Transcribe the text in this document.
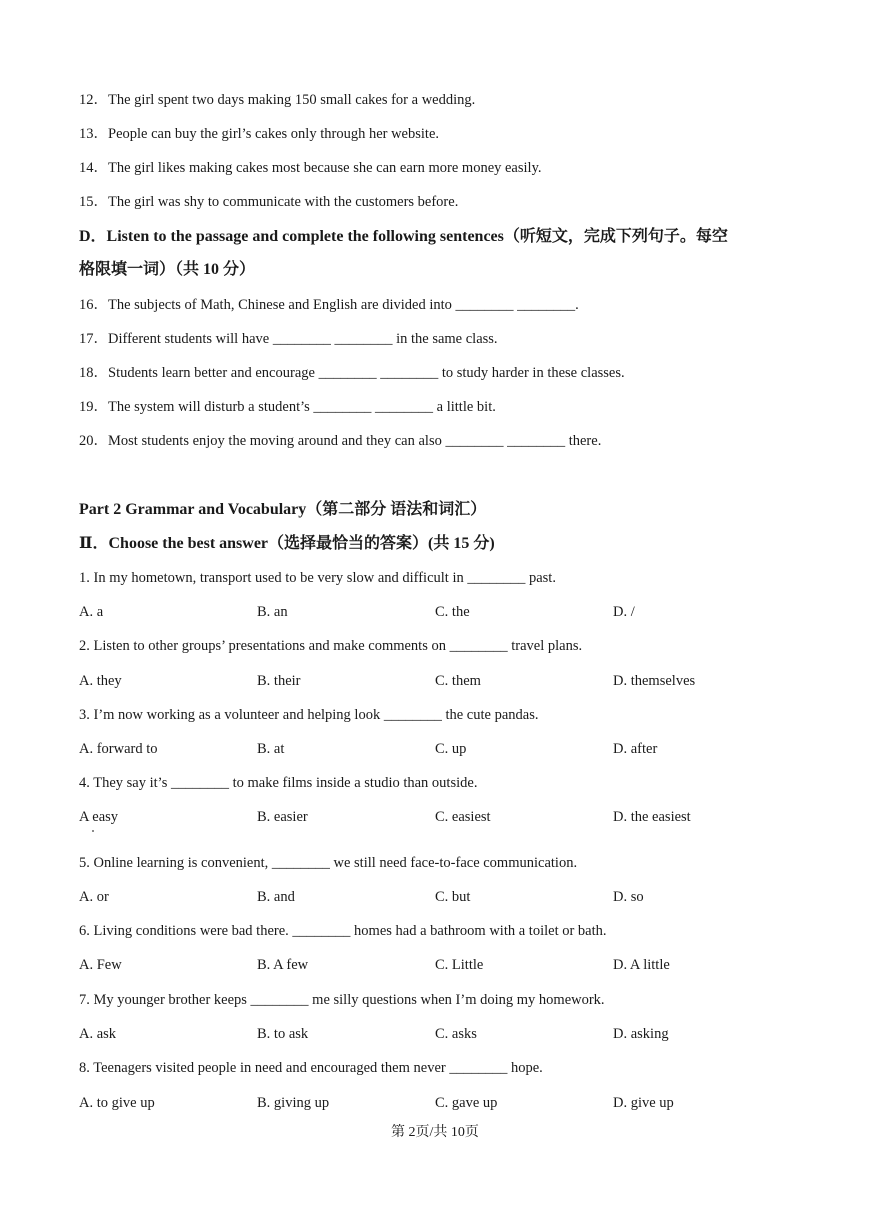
12．The girl spent two days making 150 small cakes for a wedding.
13．People can buy the girl’s cakes only through her website.
14．The girl likes making cakes most because she can earn more money easily.
15．The girl was shy to communicate with the customers before.
D．Listen to the passage and complete the following sentences（听短文，完成下列句子。每空
格限填一词）（共 10 分）
16．The subjects of Math, Chinese and English are divided into ________ ________.
17．Different students will have ________ ________ in the same class.
18．Students learn better and encourage ________ ________ to study harder in these classes.
19．The system will disturb a student’s ________ ________ a little bit.
20．Most students enjoy the moving around and they can also ________ ________ there.
Part 2 Grammar and Vocabulary（第二部分 语法和词汇）
Ⅱ．Choose the best answer（选择最恰当的答案）(共 15 分)
1. In my hometown, transport used to be very slow and difficult in ________ past.
A. a	B. an	C. the	D. /
2. Listen to other groups’ presentations and make comments on ________ travel plans.
A. they	B. their	C. them	D. themselves
3. I’m now working as a volunteer and helping look ________ the cute pandas.
A. forward to	B. at	C. up	D. after
4. They say it’s ________ to make films inside a studio than outside.
A easy	B. easier	C. easiest	D. the easiest
5. Online learning is convenient, ________ we still need face-to-face communication.
A. or	B. and	C. but	D. so
6. Living conditions were bad there. ________ homes had a bathroom with a toilet or bath.
A. Few	B. A few	C. Little	D. A little
7. My younger brother keeps ________ me silly questions when I’m doing my homework.
A. ask	B. to ask	C. asks	D. asking
8. Teenagers visited people in need and encouraged them never ________ hope.
A. to give up	B. giving up	C. gave up	D. give up
第 2页/共 10页
